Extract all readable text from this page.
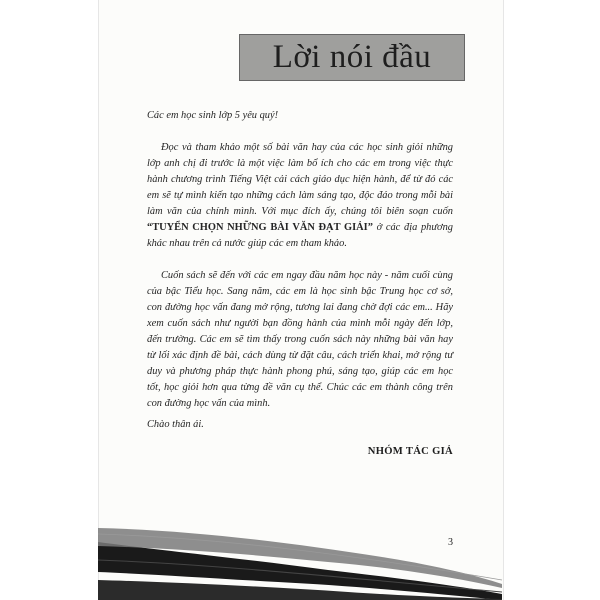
Lời nói đầu

Các em học sinh lớp 5 yêu quý!

Đọc và tham khảo một số bài văn hay của các học sinh giỏi những lớp anh chị đi trước là một việc làm bổ ích cho các em trong việc thực hành chương trình Tiếng Việt cải cách giáo dục hiện hành, để từ đó các em sẽ tự mình kiến tạo những cách làm sáng tạo, độc đáo trong mỗi bài làm văn của chính mình. Với mục đích ấy, chúng tôi biên soạn cuốn “TUYỂN CHỌN NHỮNG BÀI VĂN ĐẠT GIẢI” ở các địa phương khác nhau trên cả nước giúp các em tham khảo.

Cuốn sách sẽ đến với các em ngay đầu năm học này - năm cuối cùng của bậc Tiểu học. Sang năm, các em là học sinh bậc Trung học cơ sở, con đường học vấn đang mở rộng, tương lai đang chờ đợi các em... Hãy xem cuốn sách như người bạn đồng hành của mình mỗi ngày đến lớp, đến trường. Các em sẽ tìm thấy trong cuốn sách này những bài văn hay từ lối xác định đề bài, cách dùng từ đặt câu, cách triển khai, mở rộng tư duy và phương pháp thực hành phong phú, sáng tạo, giúp các em học tốt, học giỏi hơn qua từng đề văn cụ thể. Chúc các em thành công trên con đường học vấn của mình.

Chào thân ái.

NHÓM TÁC GIẢ
3
